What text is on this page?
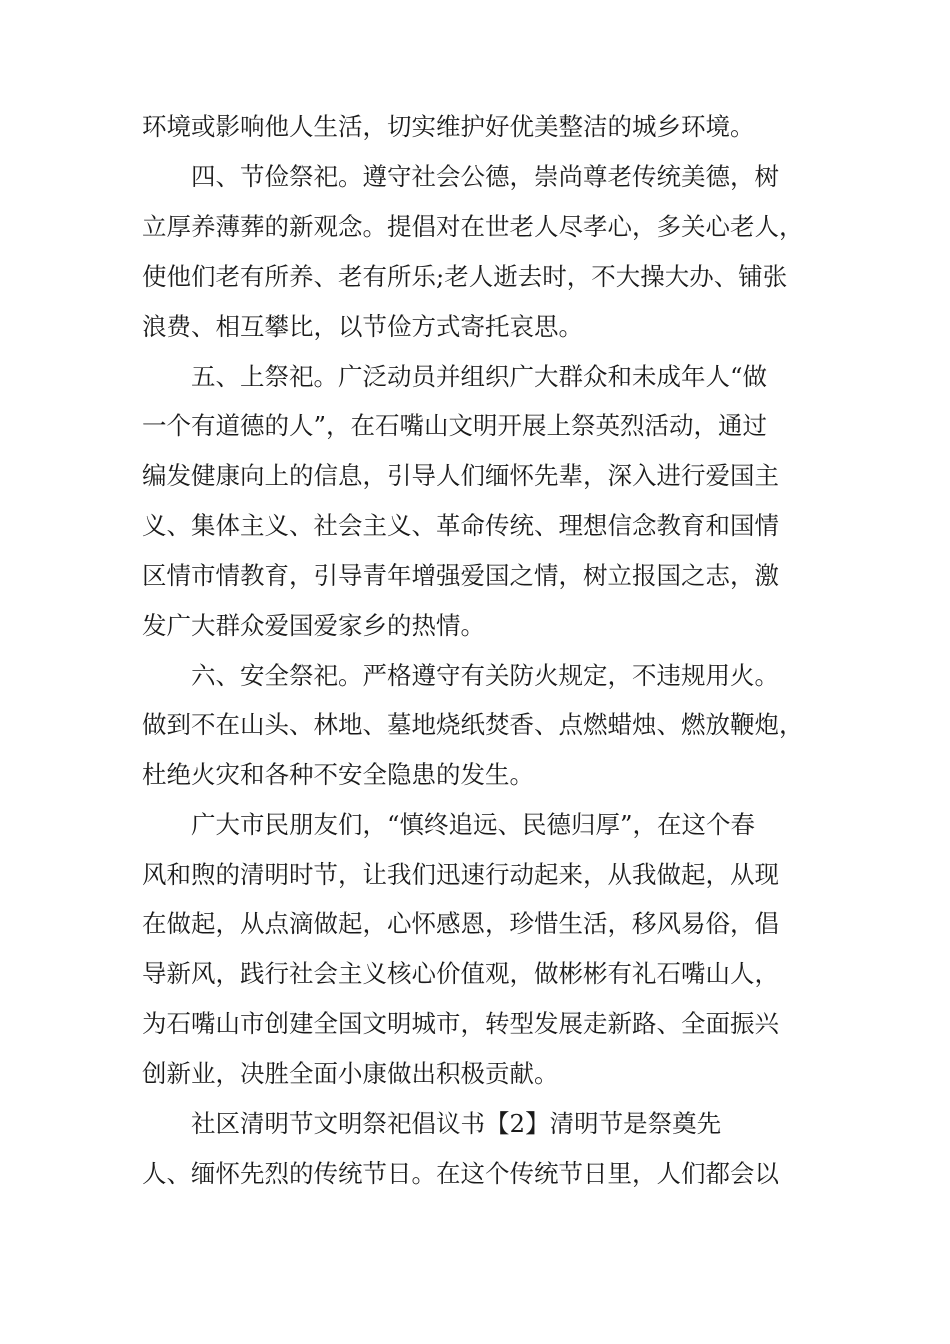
环境或影响他人生活，切实维护好优美整洁的城乡环境。
　　四、节俭祭祀。遵守社会公德，崇尚尊老传统美德，树
立厚养薄葬的新观念。提倡对在世老人尽孝心，多关心老人，
使他们老有所养、老有所乐;老人逝去时，不大操大办、铺张
浪费、相互攀比，以节俭方式寄托哀思。
　　五、上祭祀。广泛动员并组织广大群众和未成年人“做
一个有道德的人”，在石嘴山文明开展上祭英烈活动，通过
编发健康向上的信息，引导人们缅怀先辈，深入进行爱国主
义、集体主义、社会主义、革命传统、理想信念教育和国情
区情市情教育，引导青年增强爱国之情，树立报国之志，激
发广大群众爱国爱家乡的热情。
　　六、安全祭祀。严格遵守有关防火规定，不违规用火。
做到不在山头、林地、墓地烧纸焚香、点燃蜡烛、燃放鞭炮，
杜绝火灾和各种不安全隐患的发生。
　　广大市民朋友们，“慎终追远、民德归厚”，在这个春
风和煦的清明时节，让我们迅速行动起来，从我做起，从现
在做起，从点滴做起，心怀感恩，珍惜生活，移风易俗，倡
导新风，践行社会主义核心价值观，做彬彬有礼石嘴山人，
为石嘴山市创建全国文明城市，转型发展走新路、全面振兴
创新业，决胜全面小康做出积极贡献。
　　社区清明节文明祭祀倡议书【2】清明节是祭奠先
人、缅怀先烈的传统节日。在这个传统节日里，人们都会以
